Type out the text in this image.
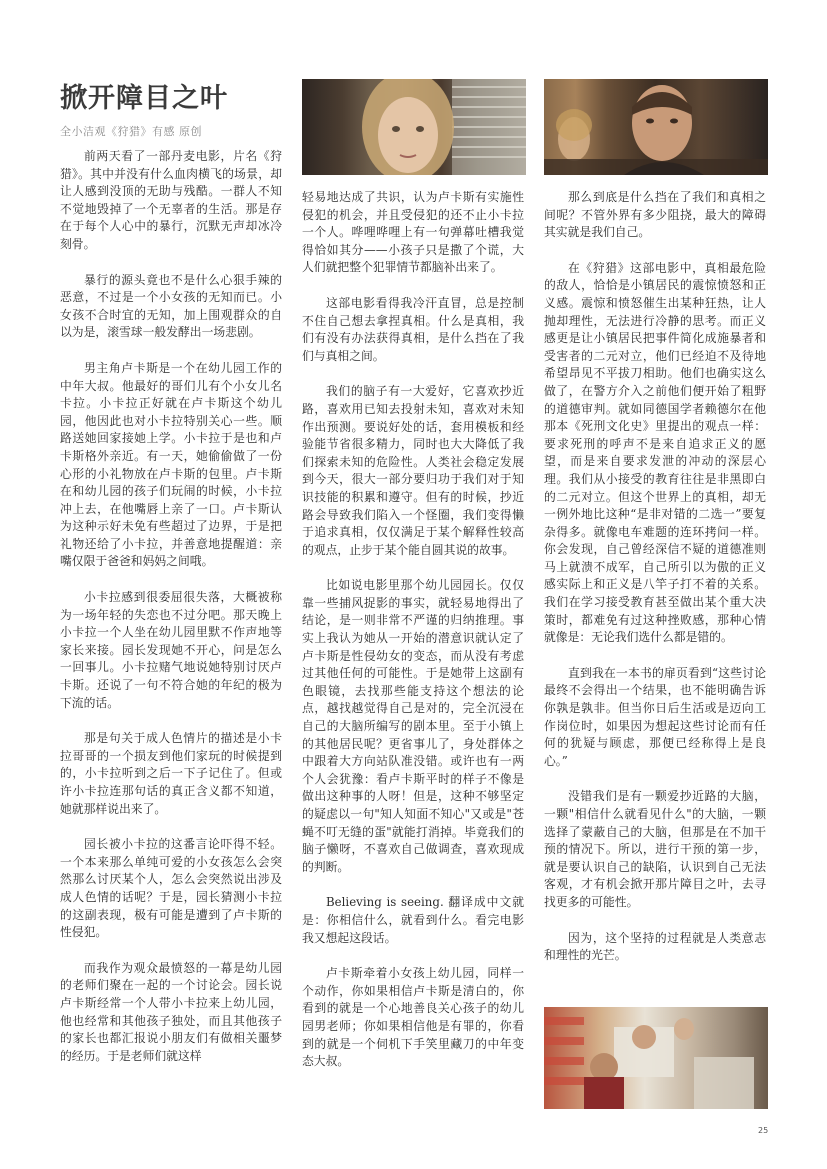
掀开障目之叶
全小洁观《狩猎》有感 原创

前两天看了一部丹麦电影，片名《狩猎》。其中并没有什么血肉横飞的场景，却让人感到没顶的无助与残酷。一群人不知不觉地毁掉了一个无辜者的生活。那是存在于每个人心中的暴行，沉默无声却冰冷刻骨。

暴行的源头竟也不是什么心狠手辣的恶意，不过是一个小女孩的无知而已。小女孩不合时宜的无知，加上围观群众的自以为是，滚雪球一般发酵出一场悲剧。

男主角卢卡斯是一个在幼儿园工作的中年大叔。他最好的哥们儿有个小女儿名卡拉。小卡拉正好就在卢卡斯这个幼儿园，他因此也对小卡拉特别关心一些。顺路送她回家接她上学。小卡拉于是也和卢卡斯格外亲近。有一天，她偷偷做了一份心形的小礼物放在卢卡斯的包里。卢卡斯在和幼儿园的孩子们玩闹的时候，小卡拉冲上去，在他嘴唇上亲了一口。卢卡斯认为这种示好未免有些超过了边界，于是把礼物还给了小卡拉，并善意地提醒道：亲嘴仅限于爸爸和妈妈之间哦。

小卡拉感到很委屈很失落，大概被称为一场年轻的失恋也不过分吧。那天晚上小卡拉一个人坐在幼儿园里默不作声地等家长来接。园长发现她不开心，问是怎么一回事儿。小卡拉赌气地说她特别讨厌卢卡斯。还说了一句不符合她的年纪的极为下流的话。

那是句关于成人色情片的描述是小卡拉哥哥的一个损友到他们家玩的时候提到的，小卡拉听到之后一下子记住了。但或许小卡拉连那句话的真正含义都不知道，她就那样说出来了。

园长被小卡拉的这番言论吓得不轻。一个本来那么单纯可爱的小女孩怎么会突然那么讨厌某个人，怎么会突然说出涉及成人色情的话呢？于是，园长猜测小卡拉的这副表现，极有可能是遭到了卢卡斯的性侵犯。

而我作为观众最愤怒的一幕是幼儿园的老师们聚在一起的一个讨论会。园长说卢卡斯经常一个人带小卡拉来上幼儿园，他也经常和其他孩子独处，而且其他孩子的家长也都汇报说小朋友们有做相关噩梦的经历。于是老师们就这样

轻易地达成了共识，认为卢卡斯有实施性侵犯的机会，并且受侵犯的还不止小卡拉一个人。哗哩哗哩上有一句弹幕吐槽我觉得恰如其分——小孩子只是撒了个谎，大人们就把整个犯罪情节都脑补出来了。

这部电影看得我冷汗直冒，总是控制不住自己想去拿捏真相。什么是真相，我们有没有办法获得真相，是什么挡在了我们与真相之间。

我们的脑子有一大爱好，它喜欢抄近路，喜欢用已知去投射未知，喜欢对未知作出预测。要说好处的话，套用模板和经验能节省很多精力，同时也大大降低了我们探索未知的危险性。人类社会稳定发展到今天，很大一部分要归功于我们对于知识技能的积累和遵守。但有的时候，抄近路会导致我们陷入一个怪圈，我们变得懒于追求真相，仅仅满足于某个解释性较高的观点，止步于某个能自圆其说的故事。

比如说电影里那个幼儿园园长。仅仅靠一些捕风捉影的事实，就轻易地得出了结论，是一则非常不严谨的归纳推理。事实上我认为她从一开始的潜意识就认定了卢卡斯是性侵幼女的变态，而从没有考虑过其他任何的可能性。于是她带上这副有色眼镜，去找那些能支持这个想法的论点，越找越觉得自己是对的，完全沉浸在自己的大脑所编写的剧本里。至于小镇上的其他居民呢？更省事儿了，身处群体之中跟着大方向站队准没错。或许也有一两个人会犹豫：看卢卡斯平时的样子不像是做出这种事的人呀！但是，这种不够坚定的疑虑以一句"知人知面不知心"又或是"苍蝇不叮无缝的蛋"就能打消掉。毕竟我们的脑子懒呀，不喜欢自己做调查，喜欢现成的判断。

Believing is seeing. 翻译成中文就是：你相信什么，就看到什么。看完电影我又想起这段话。

卢卡斯牵着小女孩上幼儿园，同样一个动作，你如果相信卢卡斯是清白的，你看到的就是一个心地善良关心孩子的幼儿园男老师；你如果相信他是有罪的，你看到的就是一个伺机下手笑里藏刀的中年变态大叔。

那么到底是什么挡在了我们和真相之间呢？不管外界有多少阻挠，最大的障碍其实就是我们自己。

在《狩猎》这部电影中，真相最危险的敌人，恰恰是小镇居民的震惊愤怒和正义感。震惊和愤怒催生出某种狂热，让人抛却理性，无法进行冷静的思考。而正义感更是让小镇居民把事件简化成施暴者和受害者的二元对立，他们已经迫不及待地希望昂见不平拔刀相助。他们也确实这么做了，在警方介入之前他们便开始了粗野的道德审判。就如同德国学者赖德尔在他那本《死刑文化史》里提出的观点一样：要求死刑的呼声不是来自追求正义的愿望，而是来自要求发泄的冲动的深层心理。我们从小接受的教育往往是非黑即白的二元对立。但这个世界上的真相，却无一例外地比这种“是非对错的二选一”要复杂得多。就像电车难题的连环拷问一样。你会发现，自己曾经深信不疑的道德准则马上就溃不成军，自己所引以为傲的正义感实际上和正义是八竿子打不着的关系。我们在学习接受教育甚至做出某个重大决策时，都难免有过这种挫败感，那种心情就像是：无论我们选什么都是错的。

直到我在一本书的扉页看到“这些讨论最终不会得出一个结果，也不能明确告诉你孰是孰非。但当你日后生活或是迈向工作岗位时，如果因为想起这些讨论而有任何的犹疑与顾虑，那便已经称得上是良心。”

没错我们是有一颗爱抄近路的大脑，一颗"相信什么就看见什么"的大脑，一颗选择了蒙蔽自己的大脑，但那是在不加干预的情况下。所以，进行干预的第一步，就是要认识自己的缺陷，认识到自己无法客观，才有机会掀开那片障目之叶，去寻找更多的可能性。

因为，这个坚持的过程就是人类意志和理性的光芒。

25
